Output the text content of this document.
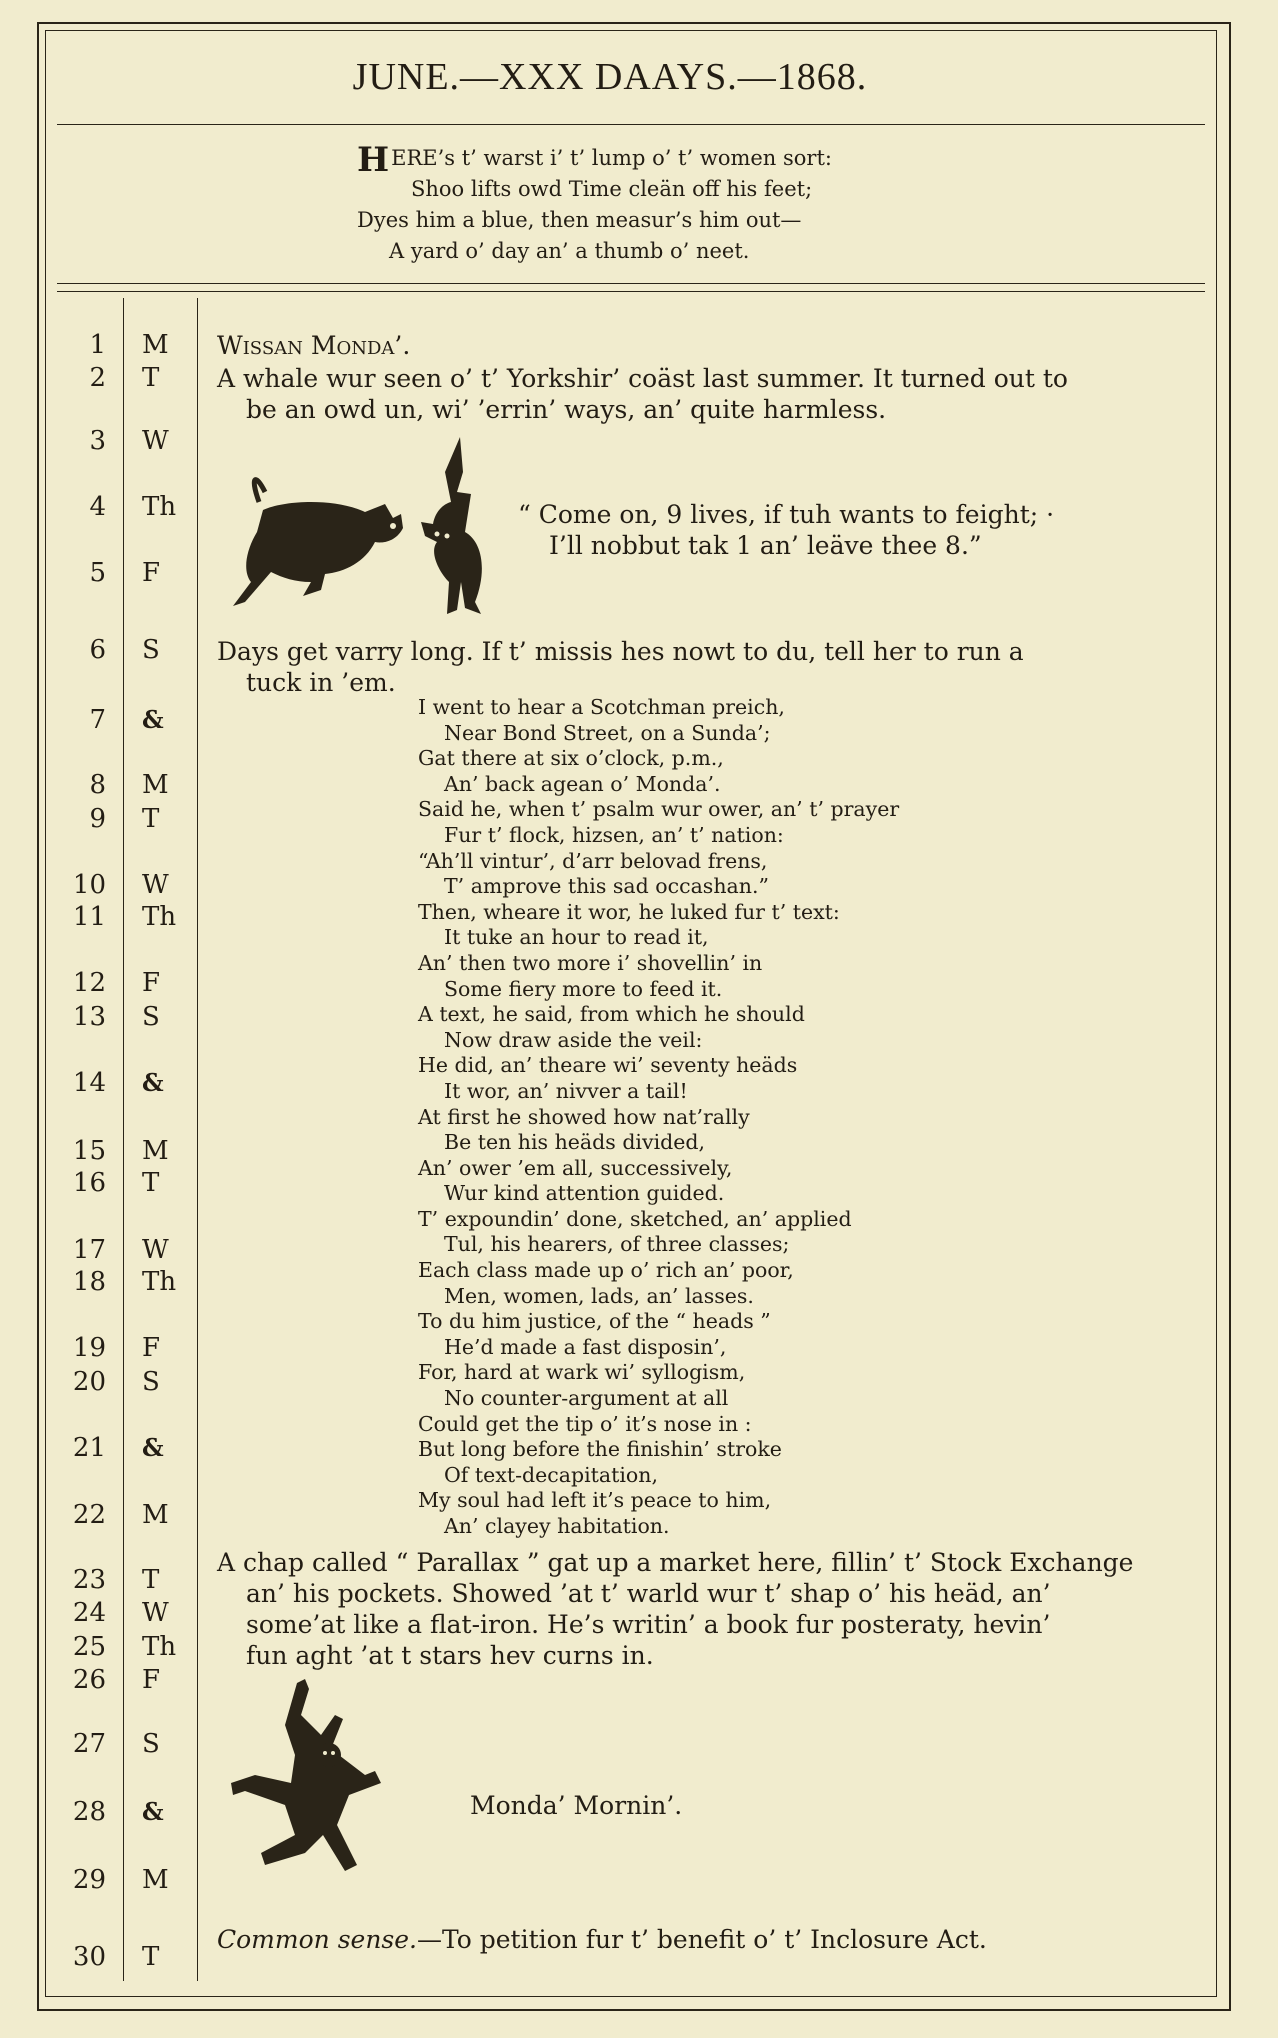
JUNE.—XXX DAAYS.—1868.
HERE’s t’ warst i’ t’ lump o’ t’ women sort:
Shoo lifts owd Time cleän off his feet;
Dyes him a blue, then measur’s him out—
A yard o’ day an’ a thumb o’ neet.
1 M
2 T
3 W
4 Th
5 F
6 S
7 &
8 M
9 T
10 W
11 Th
12 F
13 S
14 &
15 M
16 T
17 W
18 Th
19 F
20 S
21 &
22 M
23 T
24 W
25 Th
26 F
27 S
28 &
29 M
30 T
Wissan Monda’.
A whale wur seen o’ t’ Yorkshir’ coäst last summer. It turned out to
be an owd un, wi’ ’errin’ ways, an’ quite harmless.
“ Come on, 9 lives, if tuh wants to feight; ·
I’ll nobbut tak 1 an’ leäve thee 8.”
Days get varry long. If t’ missis hes nowt to du, tell her to run a
tuck in ’em.
I went to hear a Scotchman preich,
Near Bond Street, on a Sunda’;
Gat there at six o’clock, p.m.,
An’ back agean o’ Monda’.
Said he, when t’ psalm wur ower, an’ t’ prayer
Fur t’ flock, hizsen, an’ t’ nation:
“Ah’ll vintur’, d’arr belovad frens,
T’ amprove this sad occashan.”
Then, wheare it wor, he luked fur t’ text:
It tuke an hour to read it,
An’ then two more i’ shovellin’ in
Some fiery more to feed it.
A text, he said, from which he should
Now draw aside the veil:
He did, an’ theare wi’ seventy heäds
It wor, an’ nivver a tail!
At first he showed how nat’rally
Be ten his heäds divided,
An’ ower ’em all, successively,
Wur kind attention guided.
T’ expoundin’ done, sketched, an’ applied
Tul, his hearers, of three classes;
Each class made up o’ rich an’ poor,
Men, women, lads, an’ lasses.
To du him justice, of the “ heads ”
He’d made a fast disposin’,
For, hard at wark wi’ syllogism,
No counter-argument at all
Could get the tip o’ it’s nose in :
But long before the finishin’ stroke
Of text-decapitation,
My soul had left it’s peace to him,
An’ clayey habitation.
A chap called “ Parallax ” gat up a market here, fillin’ t’ Stock Exchange
an’ his pockets. Showed ’at t’ warld wur t’ shap o’ his heäd, an’
some’at like a flat-iron. He’s writin’ a book fur posteraty, hevin’
fun aght ’at t stars hev curns in.
Monda’ Mornin’.
Common sense.—To petition fur t’ benefit o’ t’ Inclosure Act.
